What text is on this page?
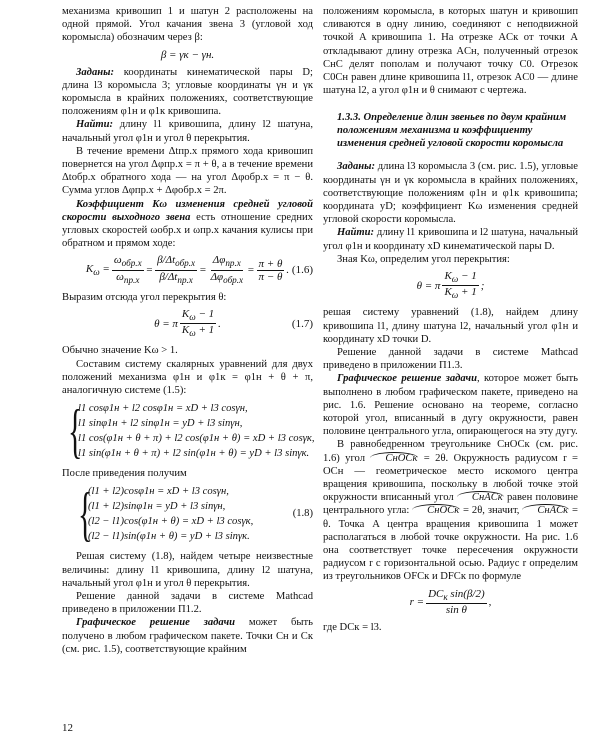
механизма кривошип 1 и шатун 2 расположены на одной прямой. Угол качания звена 3 (угловой ход коромысла) обозначим через β:

β = γк − γн.

Заданы: координаты кинематической пары D; длина l3 коромысла 3; угловые координаты γн и γк коромысла в крайних положениях, соответствующие положениям φ1н и φ1к кривошипа.

Найти: длину l1 кривошипа, длину l2 шатуна, начальный угол φ1н и угол θ перекрытия.

В течение времени Δtпр.х прямого хода кривошип повернется на угол Δφпр.х = π + θ, а в течение времени Δtобр.х обратного хода — на угол Δφобр.х = π − θ. Сумма углов Δφпр.х + Δφобр.х = 2π.

Коэффициент Kω изменения средней угловой скорости выходного звена есть отношение средних угловых скоростей ωобр.х и ωпр.х качания кулисы при обратном и прямом ходе:

$K_\omega = \frac{\omega_{обр.х}}{\omega_{пр.х}} = \frac{\beta/\Delta t_{обр.х}}{\beta/\Delta t_{пр.х}} = \frac{\Delta\varphi_{пр.х}}{\Delta\varphi_{обр.х}} = \frac{\pi + \theta}{\pi - \theta}$ . (1.6)

Выразим отсюда угол перекрытия θ:

θ = π $\frac{K_\omega - 1}{K_\omega + 1}$ .	(1.7)

Обычно значение Kω > 1.

Составим систему скалярных уравнений для двух положений механизма φ1н и φ1к = φ1н + θ + π, аналогичную системе (1.5):

{
l1 cosφ1н + l2 cosφ1н = xD + l3 cosγн,
l1 sinφ1н + l2 sinφ1н = yD + l3 sinγн,
l1 cos(φ1н + θ + π) + l2 cos(φ1н + θ) = xD + l3 cosγк,
l1 sin(φ1н + θ + π) + l2 sin(φ1н + θ) = yD + l3 sinγк.

После приведения получим

{
(l1 + l2)cosφ1н = xD + l3 cosγн,
(l1 + l2)sinφ1н = yD + l3 sinγн,
(l2 − l1)cos(φ1н + θ) = xD + l3 cosγк,
(l2 − l1)sin(φ1н + θ) = yD + l3 sinγк.
(1.8)

Решая систему (1.8), найдем четыре неизвестные величины: длину l1 кривошипа, длину l2 шатуна, начальный угол φ1н и угол θ перекрытия.

Решение данной задачи в системе Mathcad приведено в приложении П1.2.

Графическое решение задачи может быть получено в любом графическом пакете. Точки Сн и Ск (см. рис. 1.5), соответствующие крайним

положениям коромысла, в которых шатун и кривошип сливаются в одну линию, соединяют с неподвижной точкой A кривошипа 1. На отрезке ACк от точки A откладывают длину отрезка ACн, полученный отрезок CнC делят пополам и получают точку C0. Отрезок C0Cн равен длине кривошипа l1, отрезок AC0 — длине шатуна l2, а угол φ1н и θ снимают с чертежа.

1.3.3. Определение длин звеньев по двум крайним положениям механизма и коэффициенту изменения средней угловой скорости коромысла

Заданы: длина l3 коромысла 3 (см. рис. 1.5), угловые координаты γн и γк коромысла в крайних положениях, соответствующие положениям φ1н и φ1к кривошипа; координата yD; коэффициент Kω изменения средней угловой скорости коромысла.

Найти: длину l1 кривошипа и l2 шатуна, начальный угол φ1н и координату xD кинематической пары D.

Зная Kω, определим угол перекрытия:

θ = π $\frac{K_\omega - 1}{K_\omega + 1}$ ;

решая систему уравнений (1.8), найдем длину кривошипа l1, длину шатуна l2, начальный угол φ1н и координату xD точки D.

Решение данной задачи в системе Mathcad приведено в приложении П1.3.

Графическое решение задачи, которое может быть выполнено в любом графическом пакете, приведено на рис. 1.6. Решение основано на теореме, согласно которой угол, вписанный в дугу окружности, равен половине центрального угла, опирающегося на эту дугу.

В равнобедренном треугольнике CнOCк (см. рис. 1.6) угол CнOCк = 2θ. Окружность радиусом r = OCн — геометрическое место искомого центра вращения кривошипа, поскольку в любой точке этой окружности вписанный угол CнACк равен половине центрального угла: CнOCк = 2θ, значит, CнACк = θ. Точка A центра вращения кривошипа 1 может располагаться в любой точке окружности. На рис. 1.6 она соответствует точке пересечения окружности радиусом r с горизонтальной осью. Радиус r определим из треугольников OFCк и DFCк по формуле

$r = \frac{DC_к \sin(\beta/2)}{\text{sin θ}}$ ,

где DCк = l3.

12
